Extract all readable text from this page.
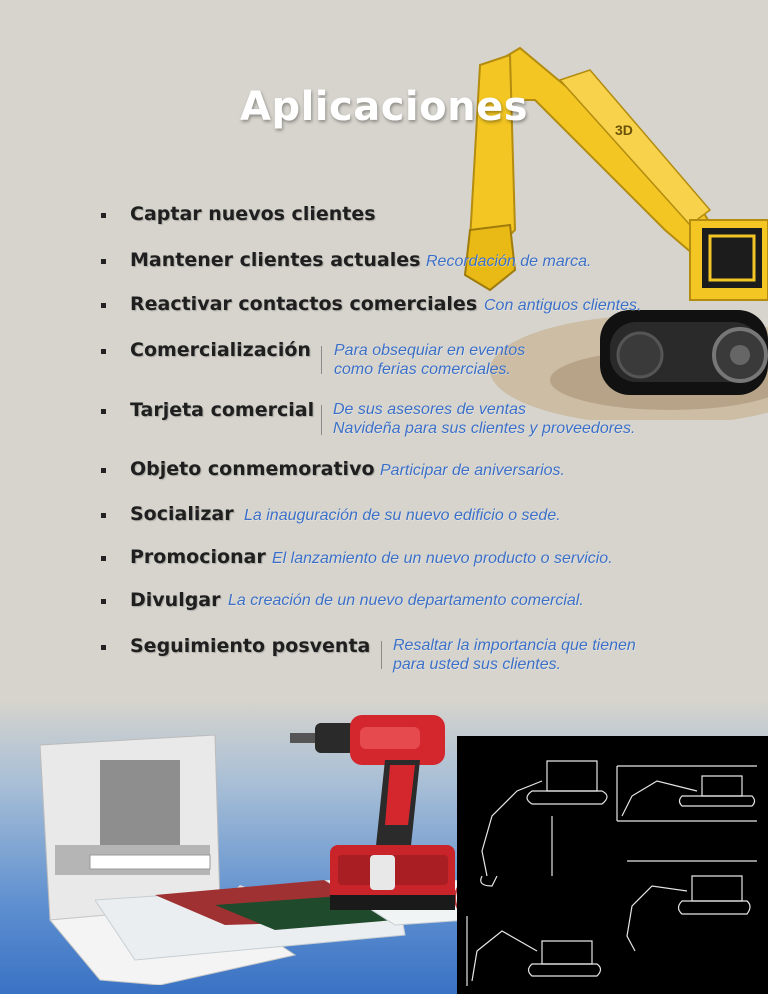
3D
Aplicaciones
Captar nuevos clientes
Mantener clientes actuales Recordación de marca.
Reactivar contactos comerciales Con antiguos clientes.
Comercialización Para obsequiar en eventos
como ferias comerciales.
Tarjeta comercial De sus asesores de ventas
Navideña para sus clientes y proveedores.
Objeto conmemorativo Participar de aniversarios.
Socializar La inauguración de su nuevo edificio o sede.
Promocionar El lanzamiento de un nuevo producto o servicio.
Divulgar La creación de un nuevo departamento comercial.
Seguimiento posventa Resaltar la importancia que tienen
para usted sus clientes.
